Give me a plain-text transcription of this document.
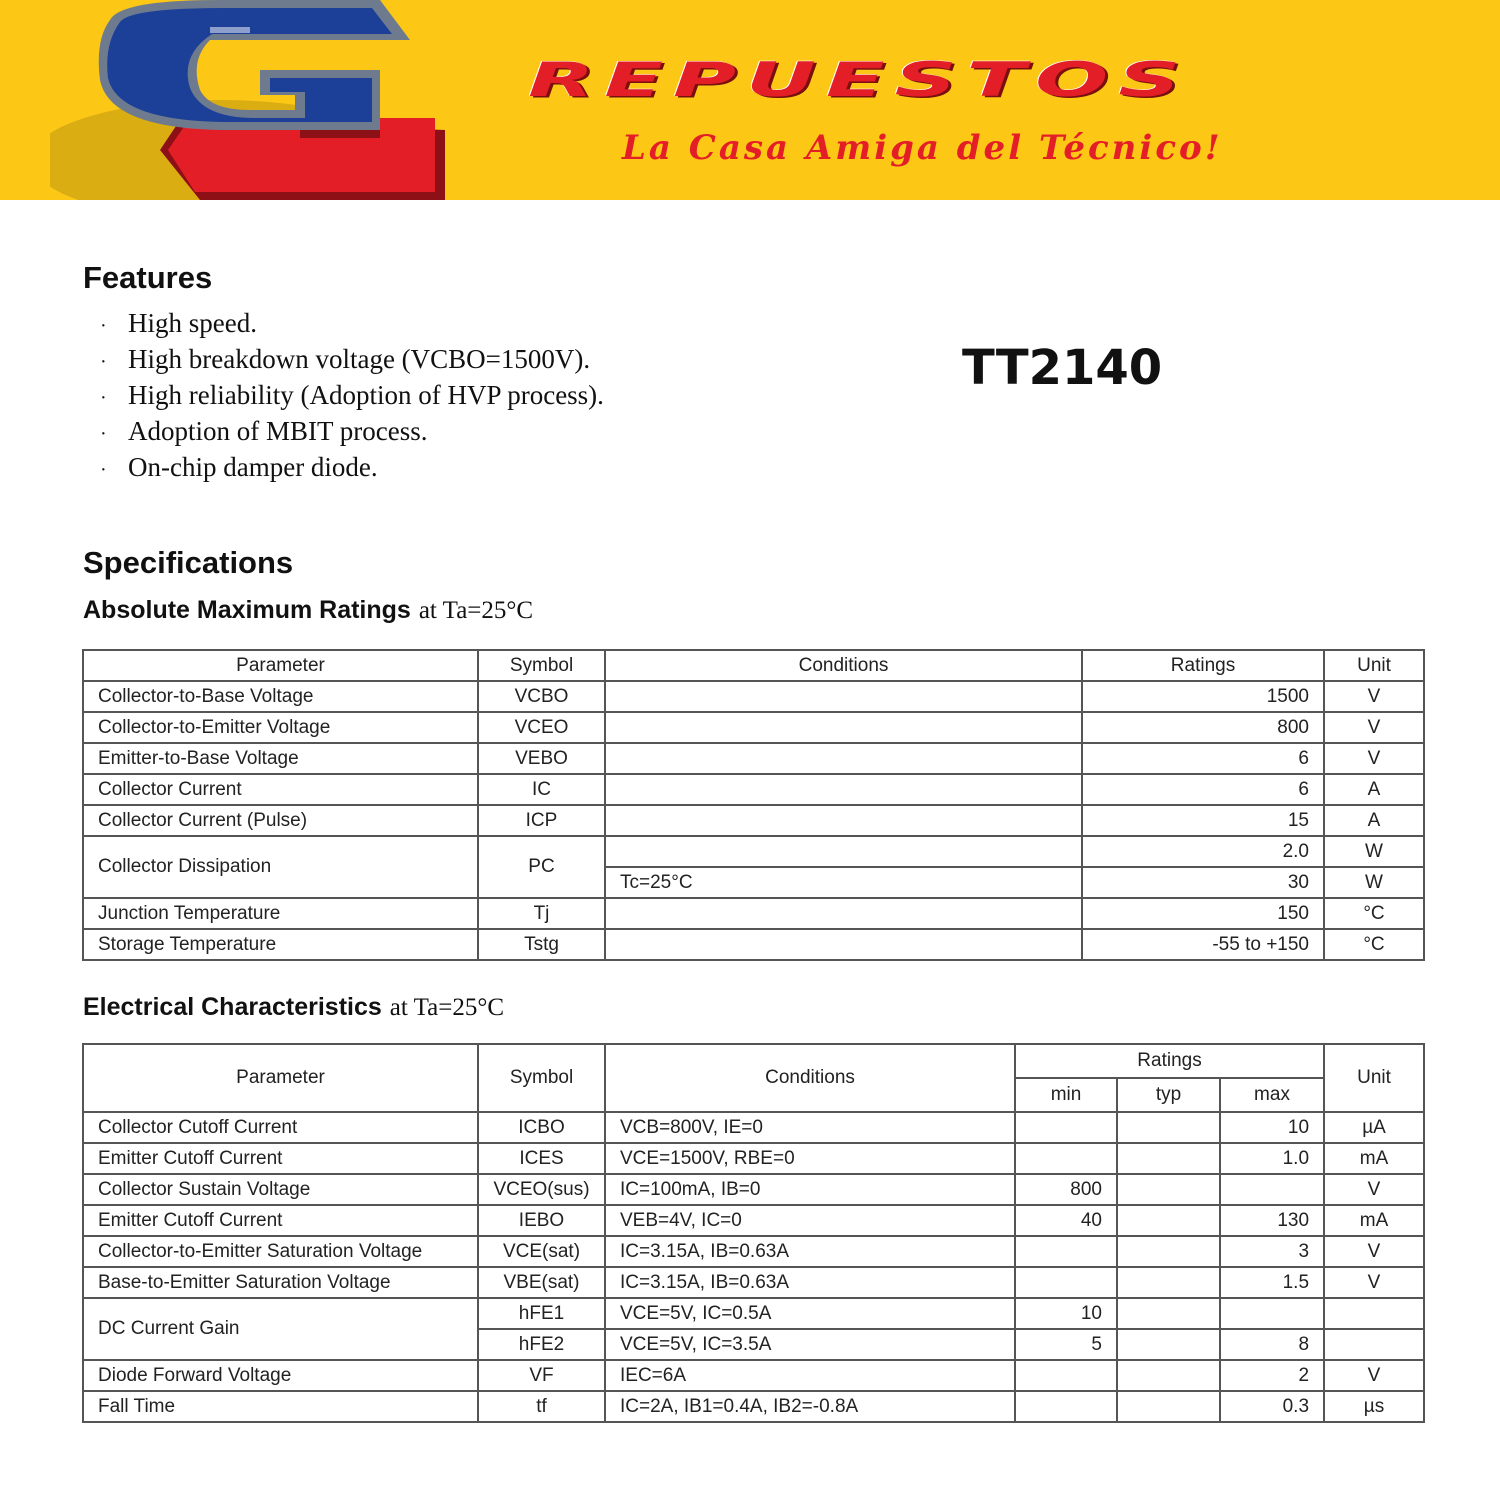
REPUESTOS
La Casa Amiga del Técnico!
Features
· High speed.
· High breakdown voltage (VCBO=1500V).
· High reliability (Adoption of HVP process).
· Adoption of MBIT process.
· On-chip damper diode.
TT2140
Specifications
Absolute Maximum Ratings at Ta=25°C
Parameter	Symbol	Conditions	Ratings	Unit
Collector-to-Base Voltage	VCBO		1500	V
Collector-to-Emitter Voltage	VCEO		800	V
Emitter-to-Base Voltage	VEBO		6	V
Collector Current	IC		6	A
Collector Current (Pulse)	ICP		15	A
Collector Dissipation	PC		2.0	W
		Tc=25°C	30	W
Junction Temperature	Tj		150	°C
Storage Temperature	Tstg		-55 to +150	°C
Electrical Characteristics at Ta=25°C
Parameter	Symbol	Conditions	Ratings			Unit
			min	typ	max	
Collector Cutoff Current	ICBO	VCB=800V, IE=0			10	µA
Emitter Cutoff Current	ICES	VCE=1500V, RBE=0			1.0	mA
Collector Sustain Voltage	VCEO(sus)	IC=100mA, IB=0	800			V
Emitter Cutoff Current	IEBO	VEB=4V, IC=0	40		130	mA
Collector-to-Emitter Saturation Voltage	VCE(sat)	IC=3.15A, IB=0.63A			3	V
Base-to-Emitter Saturation Voltage	VBE(sat)	IC=3.15A, IB=0.63A			1.5	V
DC Current Gain	hFE1	VCE=5V, IC=0.5A	10			
	hFE2	VCE=5V, IC=3.5A	5		8	
Diode Forward Voltage	VF	IEC=6A			2	V
Fall Time	tf	IC=2A, IB1=0.4A, IB2=-0.8A			0.3	µs
